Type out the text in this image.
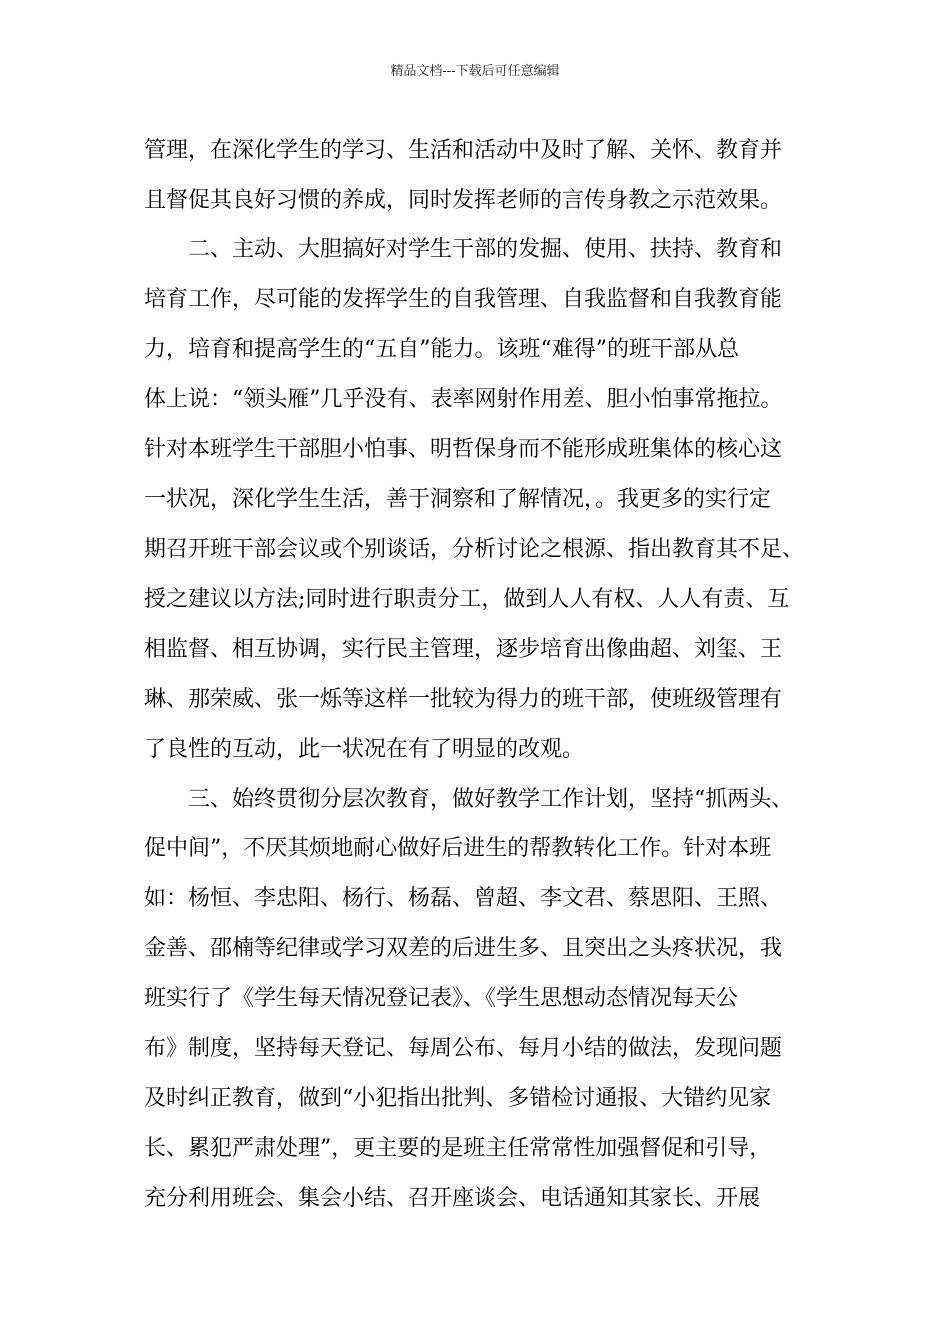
精品文档---下载后可任意编辑
管理，在深化学生的学习、生活和活动中及时了解、关怀、教育并
且督促其良好习惯的养成，同时发挥老师的言传身教之示范效果。
　　二、主动、大胆搞好对学生干部的发掘、使用、扶持、教育和
培育工作，尽可能的发挥学生的自我管理、自我监督和自我教育能
力，培育和提高学生的“五自”能力。该班“难得”的班干部从总
体上说：“领头雁”几乎没有、表率网射作用差、胆小怕事常拖拉。
针对本班学生干部胆小怕事、明哲保身而不能形成班集体的核心这
一状况，深化学生生活，善于洞察和了解情况，。我更多的实行定
期召开班干部会议或个别谈话，分析讨论之根源、指出教育其不足、
授之建议以方法;同时进行职责分工，做到人人有权、人人有责、互
相监督、相互协调，实行民主管理，逐步培育出像曲超、刘玺、王
琳、那荣威、张一烁等这样一批较为得力的班干部，使班级管理有
了良性的互动，此一状况在有了明显的改观。
　　三、始终贯彻分层次教育，做好教学工作计划，坚持“抓两头、
促中间”，不厌其烦地耐心做好后进生的帮教转化工作。针对本班
如：杨恒、李忠阳、杨行、杨磊、曾超、李文君、蔡思阳、王照、
金善、邵楠等纪律或学习双差的后进生多、且突出之头疼状况，我
班实行了《学生每天情况登记表》、《学生思想动态情况每天公
布》制度，坚持每天登记、每周公布、每月小结的做法，发现问题
及时纠正教育，做到“小犯指出批判、多错检讨通报、大错约见家
长、累犯严肃处理”，更主要的是班主任常常性加强督促和引导，
充分利用班会、集会小结、召开座谈会、电话通知其家长、开展
